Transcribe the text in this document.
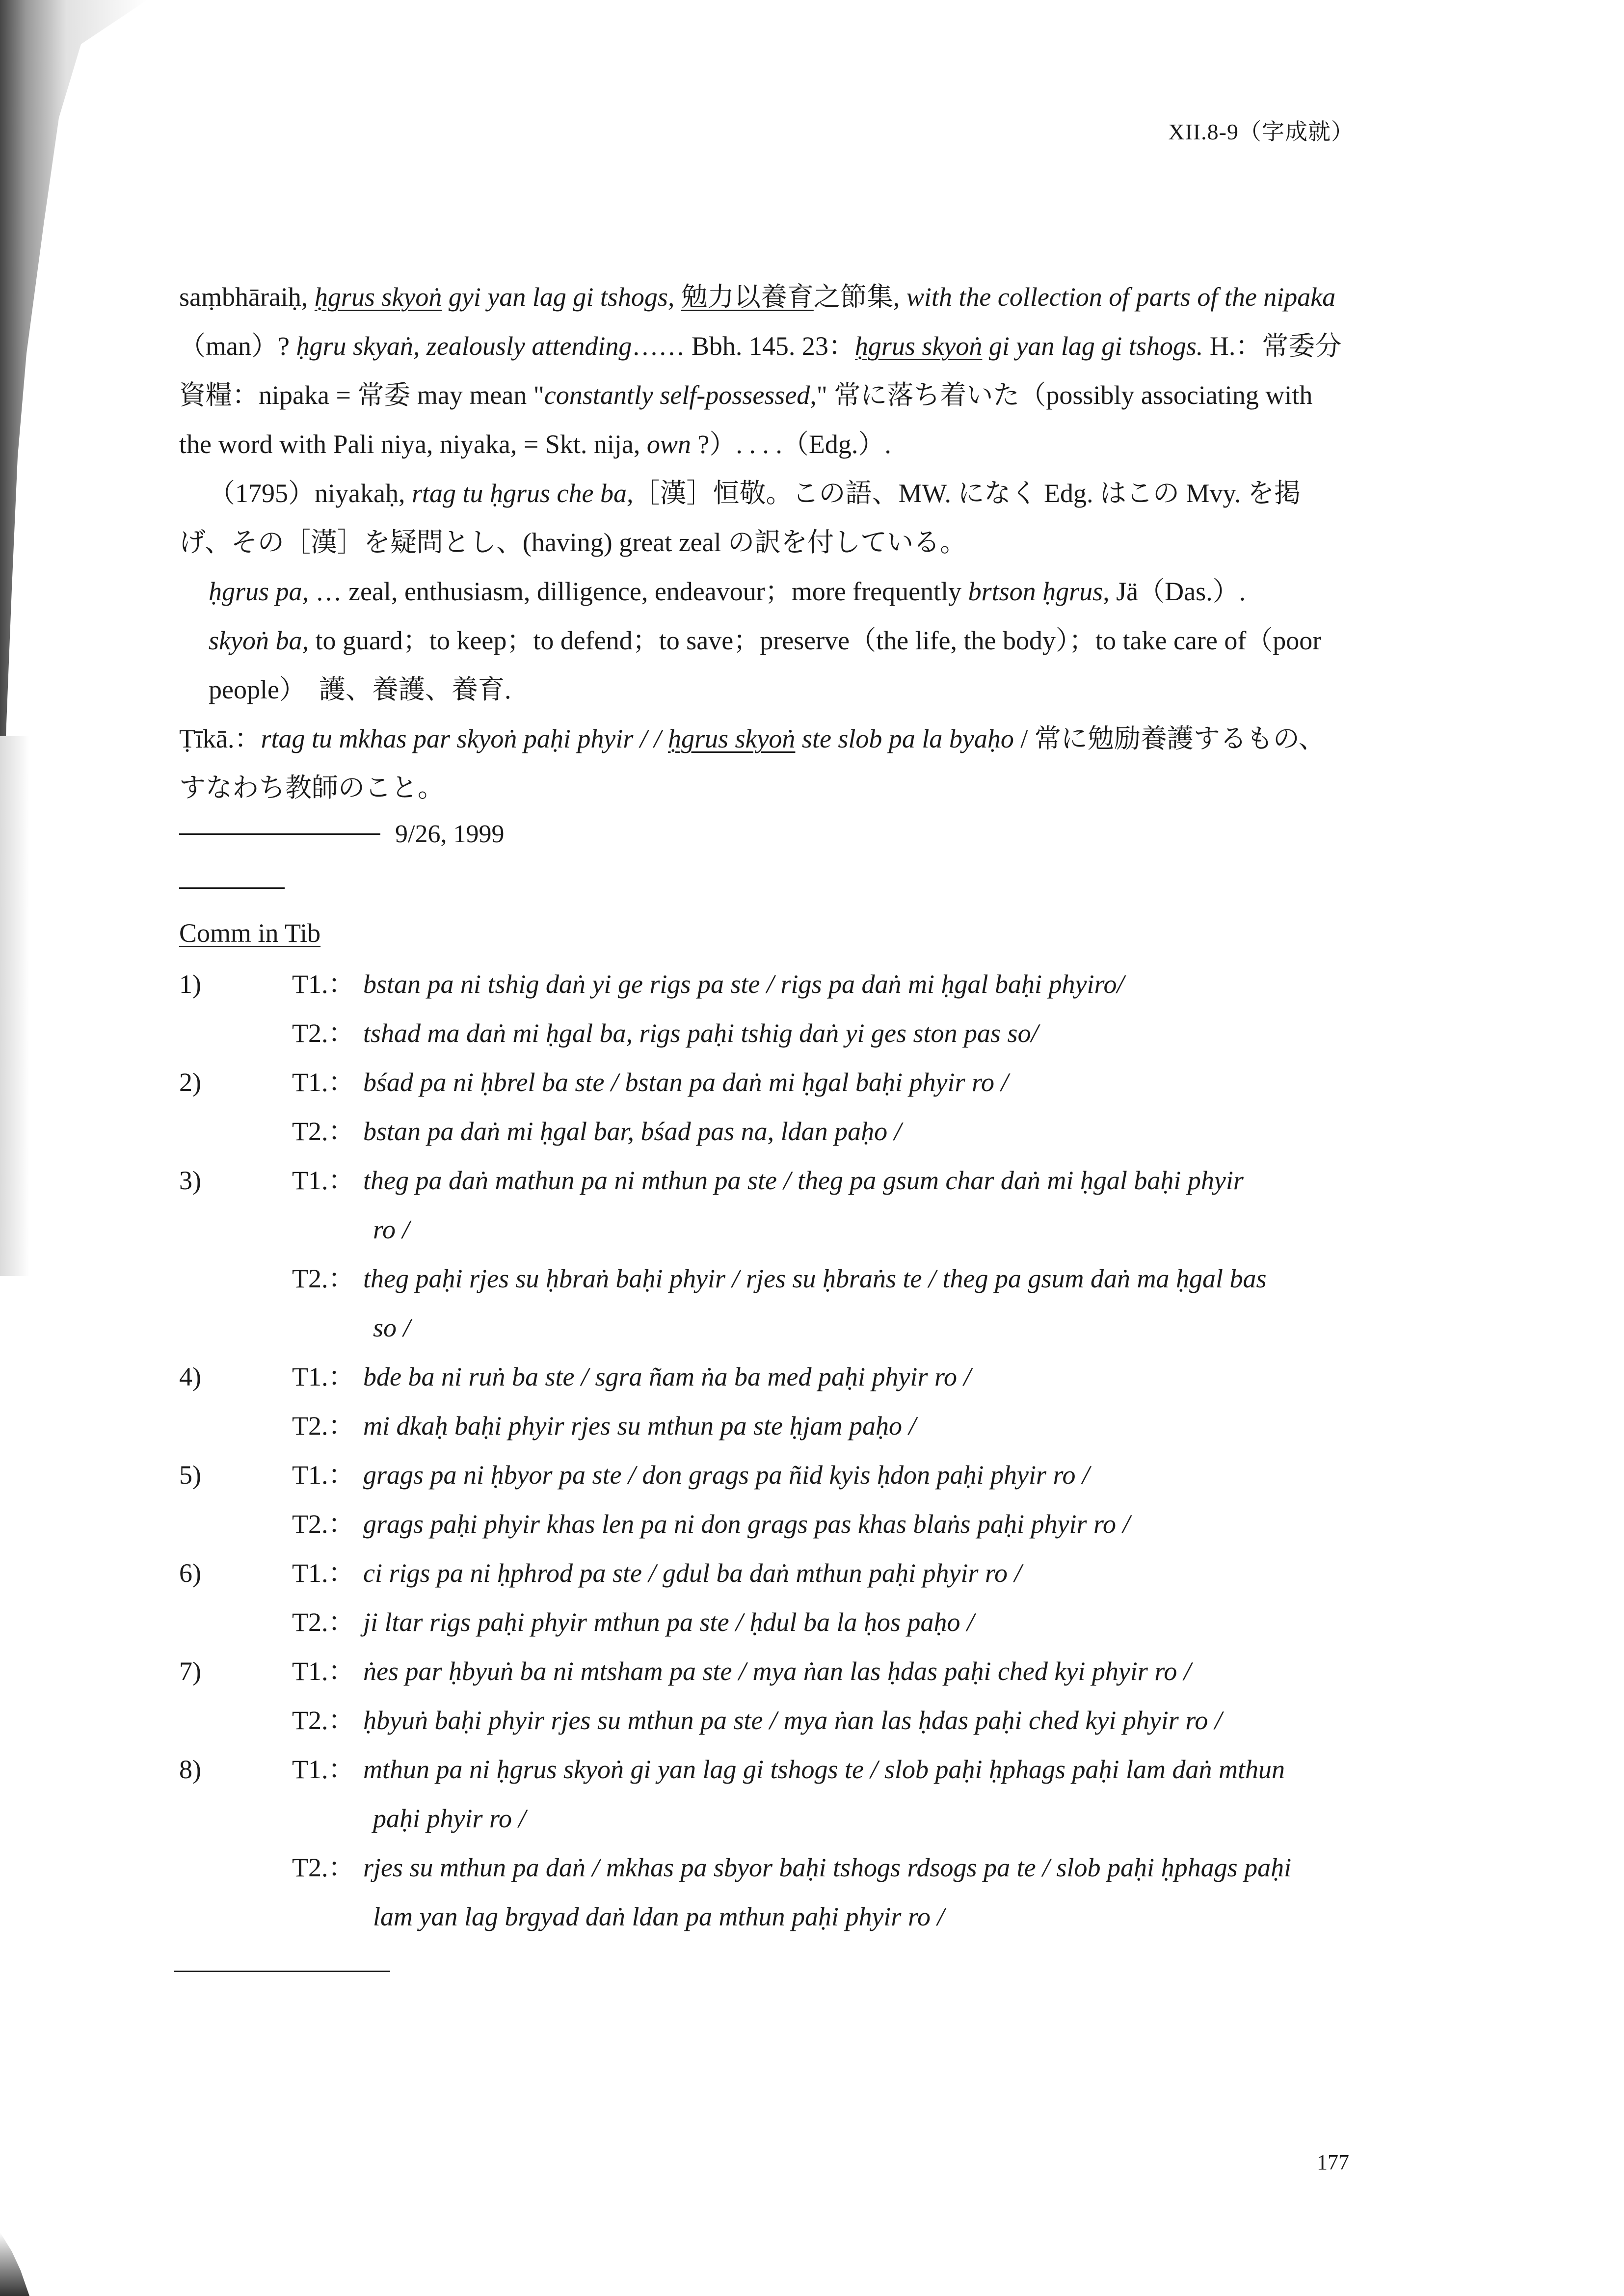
XII.8-9（字成就）
saṃbhāraiḥ, ḥgrus skyoṅ gyi yan lag gi tshogs, 勉力以養育之節集, with the collection of parts of the nipaka（man）? ḥgru skyaṅ, zealously attending…… Bbh. 145. 23：ḥgrus skyoṅ gi yan lag gi tshogs. H.：常委分資糧：nipaka = 常委 may mean "constantly self-possessed," 常に落ち着いた（possibly associating with the word with Pali niya, niyaka, = Skt. nija, own ?）. . . .（Edg.）.
（1795）niyakaḥ, rtag tu ḥgrus che ba,［漢］恒敬。この語、MW. になく Edg. はこの Mvy. を掲げ、その［漢］を疑問とし、(having) great zeal の訳を付している。
ḥgrus pa, … zeal, enthusiasm, dilligence, endeavour；more frequently brtson ḥgrus, Jä（Das.）.
skyoṅ ba, to guard；to keep；to defend；to save；preserve（the life, the body）；to take care of（poor people）　護、養護、養育.
Ṭīkā.：rtag tu mkhas par skyoṅ paḥi phyir / / ḥgrus skyoṅ ste slob pa la byaḥo / 常に勉励養護するもの、すなわち教師のこと。
9/26, 1999
Comm in Tib
1)	T1.： bstan pa ni tshig daṅ yi ge rigs pa ste / rigs pa daṅ mi ḥgal baḥi phyiro/
T2.： tshad ma daṅ mi ḥgal ba, rigs paḥi tshig daṅ yi ges ston pas so/
2)	T1.： bśad pa ni ḥbrel ba ste / bstan pa daṅ mi ḥgal baḥi phyir ro /
T2.： bstan pa daṅ mi ḥgal bar, bśad pas na, ldan paḥo /
3)	T1.： theg pa daṅ mathun pa ni mthun pa ste / theg pa gsum char daṅ mi ḥgal baḥi phyir
ro /
T2.： theg paḥi rjes su ḥbraṅ baḥi phyir / rjes su ḥbraṅs te / theg pa gsum daṅ ma ḥgal bas
so /
4)	T1.： bde ba ni ruṅ ba ste / sgra ñam ṅa ba med paḥi phyir ro /
T2.： mi dkaḥ baḥi phyir rjes su mthun pa ste ḥjam paḥo /
5)	T1.： grags pa ni ḥbyor pa ste / don grags pa ñid kyis ḥdon paḥi phyir ro /
T2.： grags paḥi phyir khas len pa ni don grags pas khas blaṅs paḥi phyir ro /
6)	T1.： ci rigs pa ni ḥphrod pa ste / gdul ba daṅ mthun paḥi phyir ro /
T2.： ji ltar rigs paḥi phyir mthun pa ste / ḥdul ba la ḥos paḥo /
7)	T1.： ṅes par ḥbyuṅ ba ni mtsham pa ste / mya ṅan las ḥdas paḥi ched kyi phyir ro /
T2.： ḥbyuṅ baḥi phyir rjes su mthun pa ste / mya ṅan las ḥdas paḥi ched kyi phyir ro /
8)	T1.： mthun pa ni ḥgrus skyoṅ gi yan lag gi tshogs te / slob paḥi ḥphags paḥi lam daṅ mthun
paḥi phyir ro /
T2.： rjes su mthun pa daṅ / mkhas pa sbyor baḥi tshogs rdsogs pa te / slob paḥi ḥphags paḥi
lam yan lag brgyad daṅ ldan pa mthun paḥi phyir ro /
177
